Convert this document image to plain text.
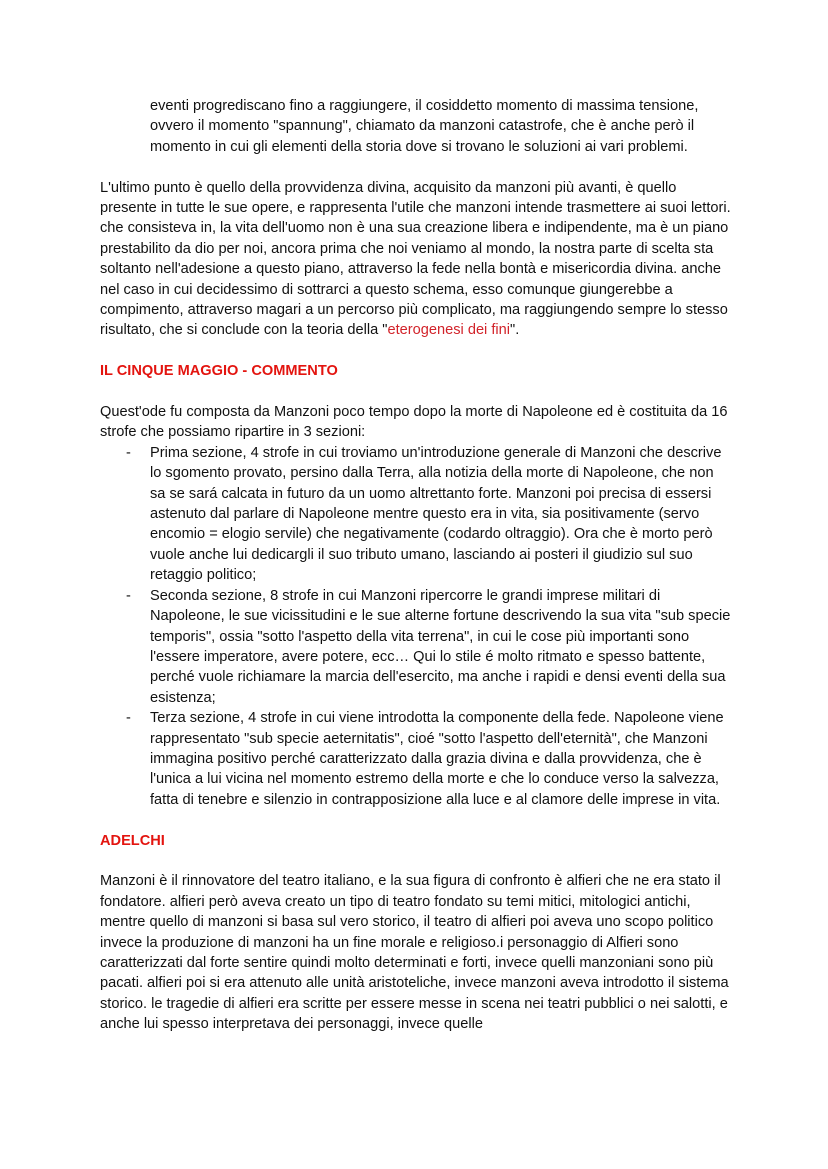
eventi progrediscano fino a raggiungere, il cosiddetto momento di massima tensione, ovvero il momento "spannung", chiamato da manzoni catastrofe, che è anche però il momento in cui gli elementi della storia dove si trovano le soluzioni ai vari problemi.

L'ultimo punto è quello della provvidenza divina, acquisito da manzoni più avanti, è quello presente in tutte le sue opere, e rappresenta l'utile che manzoni intende trasmettere ai suoi lettori. che consisteva in, la vita dell'uomo non è una sua creazione libera e indipendente, ma è un piano prestabilito da dio per noi, ancora prima che noi veniamo al mondo, la nostra parte di scelta sta soltanto nell'adesione a questo piano, attraverso la fede nella bontà e misericordia divina. anche nel caso in cui decidessimo di sottrarci a questo schema, esso comunque giungerebbe a compimento, attraverso magari a un percorso più complicato, ma raggiungendo sempre lo stesso risultato, che si conclude con la teoria della "eterogenesi dei fini".

IL CINQUE MAGGIO - COMMENTO

Quest'ode fu composta da Manzoni poco tempo dopo la morte di Napoleone ed è costituita da 16 strofe che possiamo ripartire in 3 sezioni:

- Prima sezione, 4 strofe in cui troviamo un'introduzione generale di Manzoni che descrive lo sgomento provato, persino dalla Terra, alla notizia della morte di Napoleone, che non sa se sará calcata in futuro da un uomo altrettanto forte. Manzoni poi precisa di essersi astenuto dal parlare di Napoleone mentre questo era in vita, sia positivamente (servo encomio = elogio servile) che negativamente (codardo oltraggio). Ora che è morto però vuole anche lui dedicargli il suo tributo umano, lasciando ai posteri il giudizio sul suo retaggio politico;
- Seconda sezione, 8 strofe in cui Manzoni ripercorre le grandi imprese militari di Napoleone, le sue vicissitudini e le sue alterne fortune descrivendo la sua vita "sub specie temporis", ossia "sotto l'aspetto della vita terrena", in cui le cose più importanti sono l'essere imperatore, avere potere, ecc… Qui lo stile é molto ritmato e spesso battente, perché vuole richiamare la marcia dell'esercito, ma anche i rapidi e densi eventi della sua esistenza;
- Terza sezione, 4 strofe in cui viene introdotta la componente della fede. Napoleone viene rappresentato "sub specie aeternitatis", cioé "sotto l'aspetto dell'eternità", che Manzoni immagina positivo perché caratterizzato dalla grazia divina e dalla provvidenza, che è l'unica a lui vicina nel momento estremo della morte e che lo conduce verso la salvezza, fatta di tenebre e silenzio in contrapposizione alla luce e al clamore delle imprese in vita.

ADELCHI

Manzoni è il rinnovatore del teatro italiano, e la sua figura di confronto è alfieri che ne era stato il fondatore. alfieri però aveva creato un tipo di teatro fondato su temi mitici, mitologici antichi, mentre quello di manzoni si basa sul vero storico, il teatro di alfieri poi aveva uno scopo politico invece la produzione di manzoni ha un fine morale e religioso.i personaggio di Alfieri sono caratterizzati dal forte sentire quindi molto determinati e forti, invece quelli manzoniani sono più pacati. alfieri poi si era attenuto alle unità aristoteliche, invece manzoni aveva introdotto il sistema storico. le tragedie di alfieri era scritte per essere messe in scena nei teatri pubblici o nei salotti, e anche lui spesso interpretava dei personaggi, invece quelle
